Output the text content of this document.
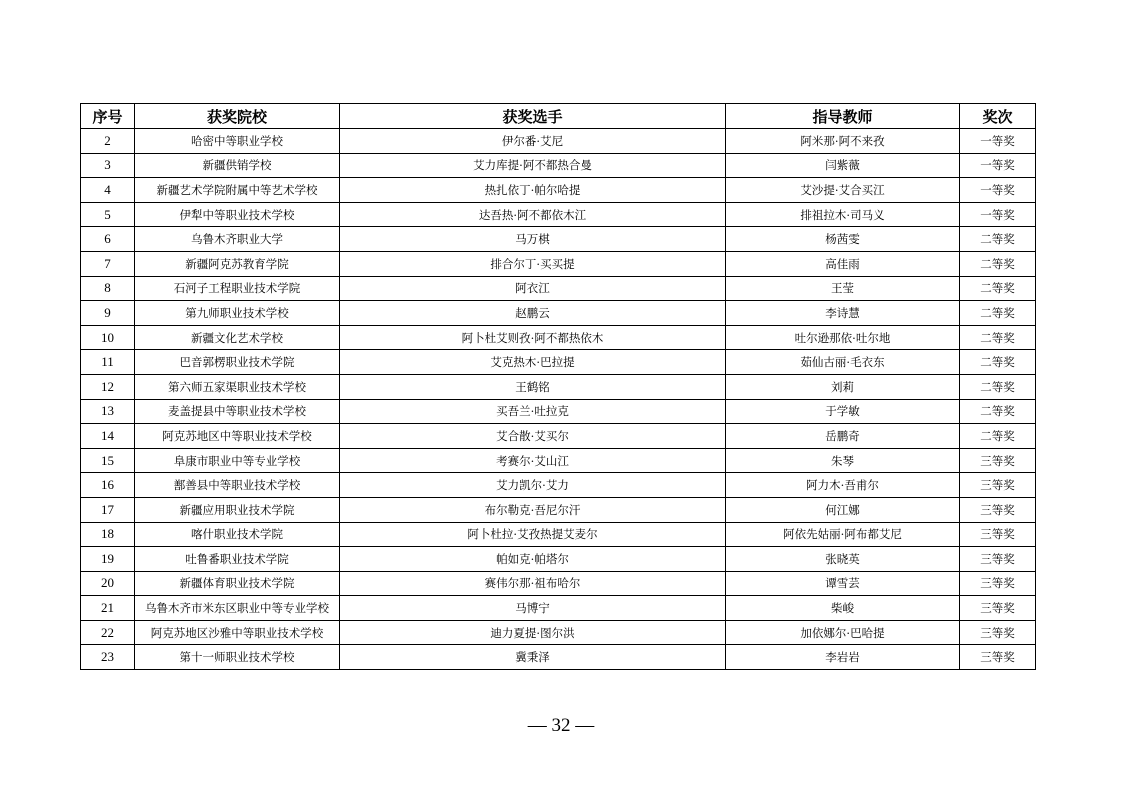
序号	获奖院校	获奖选手	指导教师	奖次
2	哈密中等职业学校	伊尔番·艾尼	阿米那·阿不来孜	一等奖
3	新疆供销学校	艾力库提·阿不都热合曼	闫紫薇	一等奖
4	新疆艺术学院附属中等艺术学校	热扎依丁·帕尔哈提	艾沙提·艾合买江	一等奖
5	伊犁中等职业技术学校	达吾热·阿不都依木江	排祖拉木·司马义	一等奖
6	乌鲁木齐职业大学	马万棋	杨茜雯	二等奖
7	新疆阿克苏教育学院	排合尔丁·买买提	高佳雨	二等奖
8	石河子工程职业技术学院	阿衣江	王莹	二等奖
9	第九师职业技术学校	赵鹏云	李诗慧	二等奖
10	新疆文化艺术学校	阿卜杜艾则孜·阿不都热依木	吐尔逊那依·吐尔地	二等奖
11	巴音郭楞职业技术学院	艾克热木·巴拉提	茹仙古丽·毛衣东	二等奖
12	第六师五家渠职业技术学校	王鹤铭	刘莉	二等奖
13	麦盖提县中等职业技术学校	买吾兰·吐拉克	于学敏	二等奖
14	阿克苏地区中等职业技术学校	艾合散·艾买尔	岳鹏奇	二等奖
15	阜康市职业中等专业学校	考赛尔·艾山江	朱琴	三等奖
16	鄯善县中等职业技术学校	艾力凯尔·艾力	阿力木·吾甫尔	三等奖
17	新疆应用职业技术学院	布尔勒克·吾尼尔汗	何江娜	三等奖
18	喀什职业技术学院	阿卜杜拉·艾孜热提艾麦尔	阿依先姑丽·阿布都艾尼	三等奖
19	吐鲁番职业技术学院	帕如克·帕塔尔	张晓英	三等奖
20	新疆体育职业技术学院	赛伟尔那·祖布哈尔	谭雪芸	三等奖
21	乌鲁木齐市米东区职业中等专业学校	马博宁	柴峻	三等奖
22	阿克苏地区沙雅中等职业技术学校	迪力夏提·图尔洪	加依娜尔·巴哈提	三等奖
23	第十一师职业技术学校	冀秉泽	李岩岩	三等奖
— 32 —
